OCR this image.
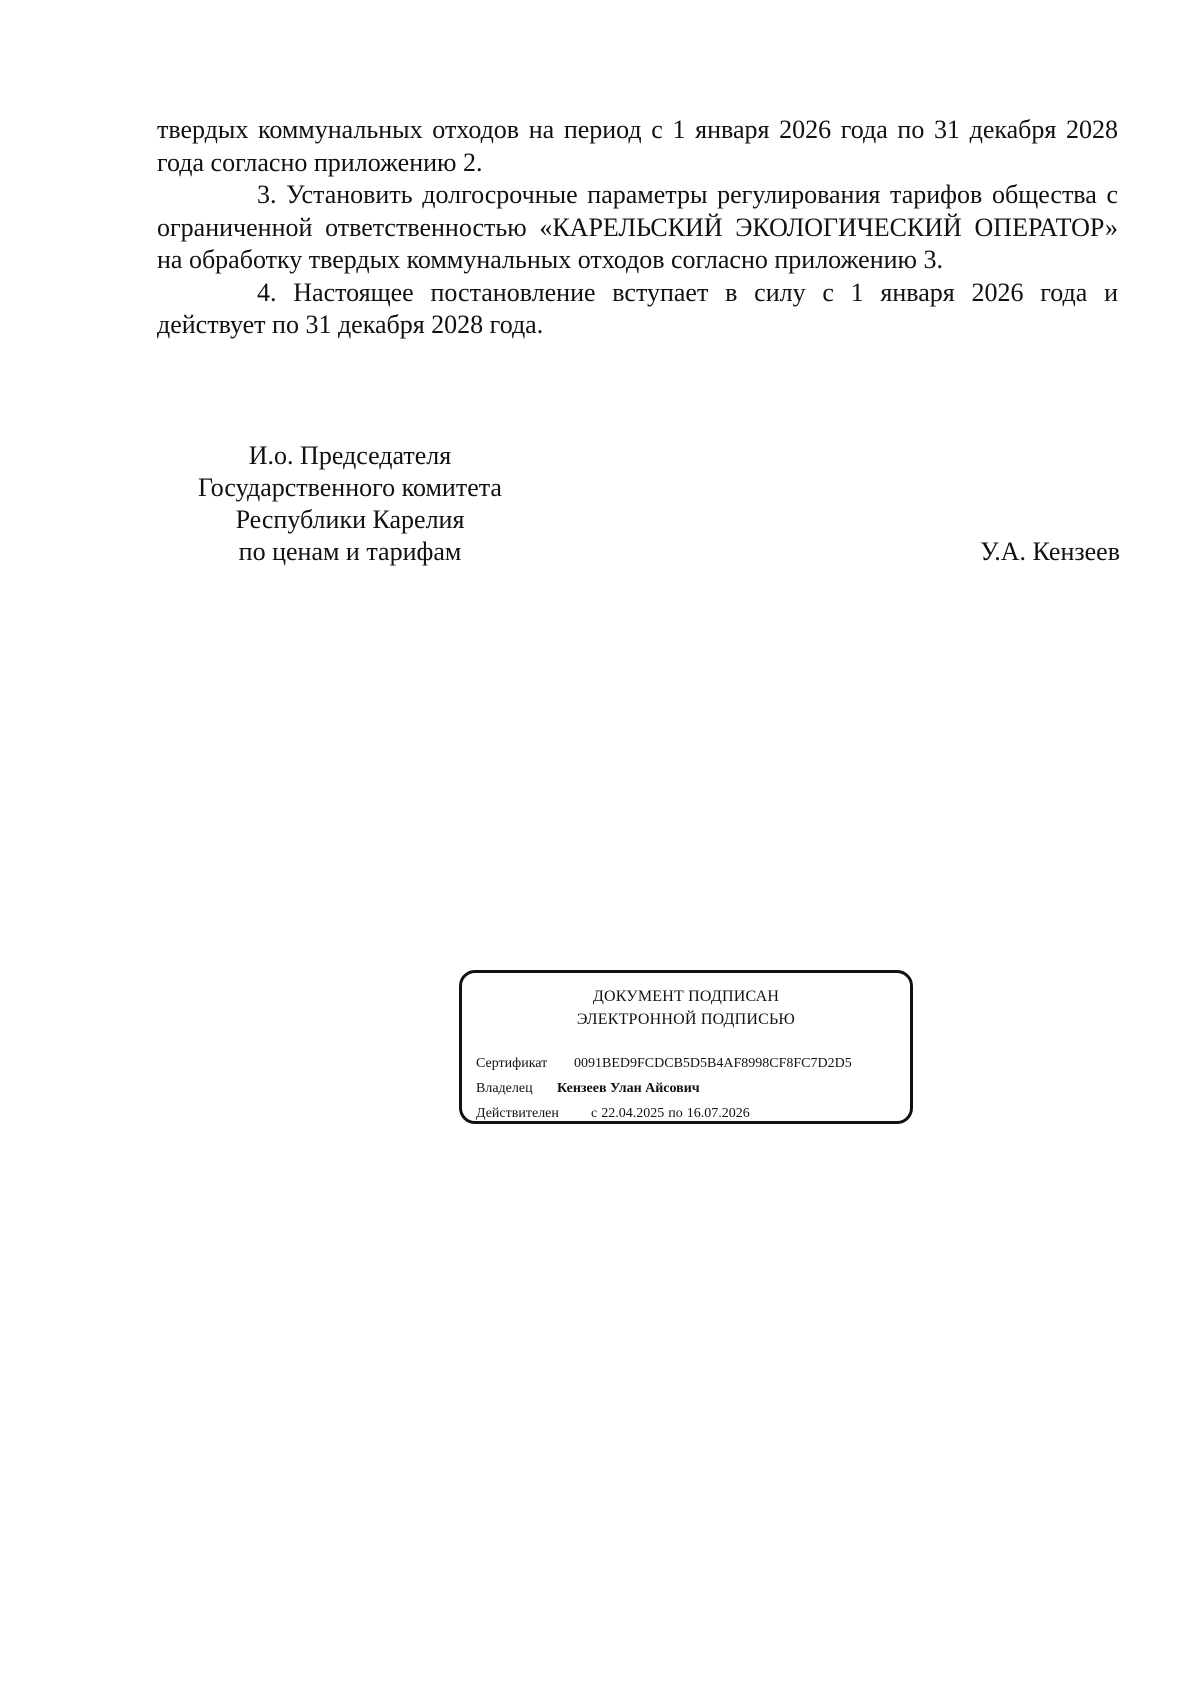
твердых коммунальных отходов на период с 1 января 2026 года по 31 декабря 2028 года согласно приложению 2.

3. Установить долгосрочные параметры регулирования тарифов общества с ограниченной ответственностью «КАРЕЛЬСКИЙ ЭКОЛОГИЧЕСКИЙ ОПЕРАТОР» на обработку твердых коммунальных отходов согласно приложению 3.

4. Настоящее постановление вступает в силу с 1 января 2026 года и действует по 31 декабря 2028 года.

И.о. Председателя
Государственного комитета
Республики Карелия
по ценам и тарифам	У.А. Кензеев
ДОКУМЕНТ ПОДПИСАН
ЭЛЕКТРОННОЙ ПОДПИСЬЮ
Сертификат 0091BED9FCDCB5D5B4AF8998CF8FC7D2D5
Владелец Кензеев Улан Айсович
Действителен с 22.04.2025 по 16.07.2026
